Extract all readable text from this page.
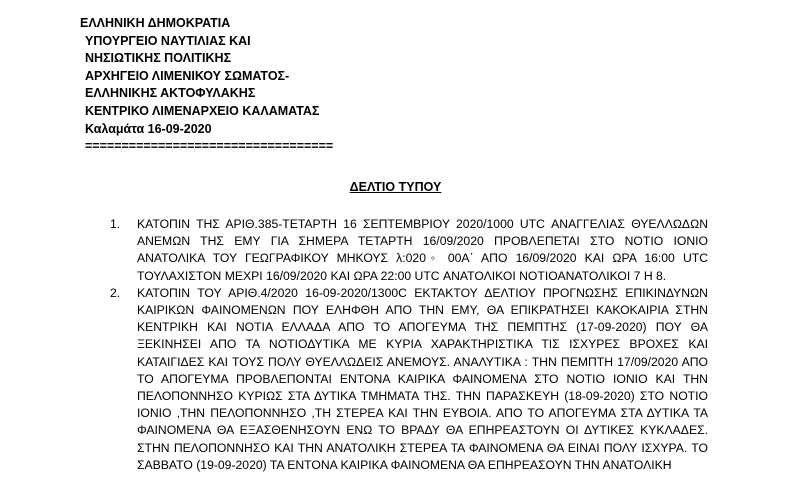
ΕΛΛΗΝΙΚΗ ΔΗΜΟΚΡΑΤΙΑ
ΥΠΟΥΡΓΕΙΟ ΝΑΥΤΙΛΙΑΣ ΚΑΙ
ΝΗΣΙΩΤΙΚΗΣ ΠΟΛΙΤΙΚΗΣ
ΑΡΧΗΓΕΙΟ ΛΙΜΕΝΙΚΟΥ ΣΩΜΑΤΟΣ-
ΕΛΛΗΝΙΚΗΣ ΑΚΤΟΦΥΛΑΚΗΣ
ΚΕΝΤΡΙΚΟ ΛΙΜΕΝΑΡΧΕΙΟ ΚΑΛΑΜΑΤΑΣ
Καλαμάτα 16-09-2020
==================================
ΔΕΛΤΙΟ ΤΥΠΟΥ
1. ΚΑΤΟΠΙΝ ΤΗΣ ΑΡΙΘ.385-ΤΕΤΑΡΤΗ 16 ΣΕΠΤΕΜΒΡΙΟΥ 2020/1000 UTC ΑΝΑΓΓΕΛΙΑΣ ΘΥΕΛΛΩΔΩΝ ΑΝΕΜΩΝ ΤΗΣ ΕΜΥ ΓΙΑ ΣΗΜΕΡΑ ΤΕΤΑΡΤΗ 16/09/2020 ΠΡΟΒΛΕΠΕΤΑΙ ΣΤΟ ΝΟΤΙΟ ΙΟΝΙΟ ΑΝΑΤΟΛΙΚΑ ΤΟΥ ΓΕΩΓΡΑΦΙΚΟΥ ΜΗΚΟΥΣ λ:020◦ 00Α΄ ΑΠΟ 16/09/2020 ΚΑΙ ΩΡΑ 16:00 UTC ΤΟΥΛΑΧΙΣΤΟΝ ΜΕΧΡΙ 16/09/2020 ΚΑΙ ΩΡΑ 22:00 UTC ΑΝΑΤΟΛΙΚΟΙ ΝΟΤΙΟΑΝΑΤΟΛΙΚΟΙ 7 Η 8.
2. ΚΑΤΟΠΙΝ ΤΟΥ ΑΡΙΘ.4/2020 16-09-2020/1300C ΕΚΤΑΚΤΟΥ ΔΕΛΤΙΟΥ ΠΡΟΓΝΩΣΗΣ ΕΠΙΚΙΝΔΥΝΩΝ ΚΑΙΡΙΚΩΝ ΦΑΙΝΟΜΕΝΩΝ ΠΟΥ ΕΛΗΦΘΗ ΑΠΟ ΤΗΝ ΕΜΥ, ΘΑ ΕΠΙΚΡΑΤΗΣΕΙ ΚΑΚΟΚΑΙΡΙΑ ΣΤΗΝ ΚΕΝΤΡΙΚΗ ΚΑΙ ΝΟΤΙΑ ΕΛΛΑΔΑ ΑΠΟ ΤΟ ΑΠΟΓΕΥΜΑ ΤΗΣ ΠΕΜΠΤΗΣ (17-09-2020) ΠΟΥ ΘΑ ΞΕΚΙΝΗΣΕΙ ΑΠΟ ΤΑ ΝΟΤΙΟΔΥΤΙΚΑ ΜΕ ΚΥΡΙΑ ΧΑΡΑΚΤΗΡΙΣΤΙΚΑ ΤΙΣ ΙΣΧΥΡΕΣ ΒΡΟΧΕΣ ΚΑΙ ΚΑΤΑΙΓΙΔΕΣ ΚΑΙ ΤΟΥΣ ΠΟΛΥ ΘΥΕΛΛΩΔΕΙΣ ΑΝΕΜΟΥΣ. ΑΝΑΛΥΤΙΚΑ : ΤΗΝ ΠΕΜΠΤΗ 17/09/2020 ΑΠΟ ΤΟ ΑΠΟΓΕΥΜΑ ΠΡΟΒΛΕΠΟΝΤΑΙ ΕΝΤΟΝΑ ΚΑΙΡΙΚΑ ΦΑΙΝΟΜΕΝΑ ΣΤΟ ΝΟΤΙΟ ΙΟΝΙΟ ΚΑΙ ΤΗΝ ΠΕΛΟΠΟΝΝΗΣΟ ΚΥΡΙΩΣ ΣΤΑ ΔΥΤΙΚΑ ΤΜΗΜΑΤΑ ΤΗΣ. ΤΗΝ ΠΑΡΑΣΚΕΥΗ (18-09-2020) ΣΤΟ ΝΟΤΙΟ ΙΟΝΙΟ ,ΤΗΝ ΠΕΛΟΠΟΝΝΗΣΟ ,ΤΗ ΣΤΕΡΕΑ ΚΑΙ ΤΗΝ ΕΥΒΟΙΑ. ΑΠΟ ΤΟ ΑΠΟΓΕΥΜΑ ΣΤΑ ΔΥΤΙΚΑ ΤΑ ΦΑΙΝΟΜΕΝΑ ΘΑ ΕΞΑΣΘΕΝΗΣΟΥΝ ΕΝΩ ΤΟ ΒΡΑΔΥ ΘΑ ΕΠΗΡΕΑΣΤΟΥΝ ΟΙ ΔΥΤΙΚΕΣ ΚΥΚΛΑΔΕΣ. ΣΤΗΝ ΠΕΛΟΠΟΝΝΗΣΟ ΚΑΙ ΤΗΝ ΑΝΑΤΟΛΙΚΗ ΣΤΕΡΕΑ ΤΑ ΦΑΙΝΟΜΕΝΑ ΘΑ ΕΙΝΑΙ ΠΟΛΥ ΙΣΧΥΡΑ. ΤΟ ΣΑΒΒΑΤΟ (19-09-2020) ΤΑ ΕΝΤΟΝΑ ΚΑΙΡΙΚΑ ΦΑΙΝΟΜΕΝΑ ΘΑ ΕΠΗΡΕΑΣΟΥΝ ΤΗΝ ΑΝΑΤΟΛΙΚΗ
